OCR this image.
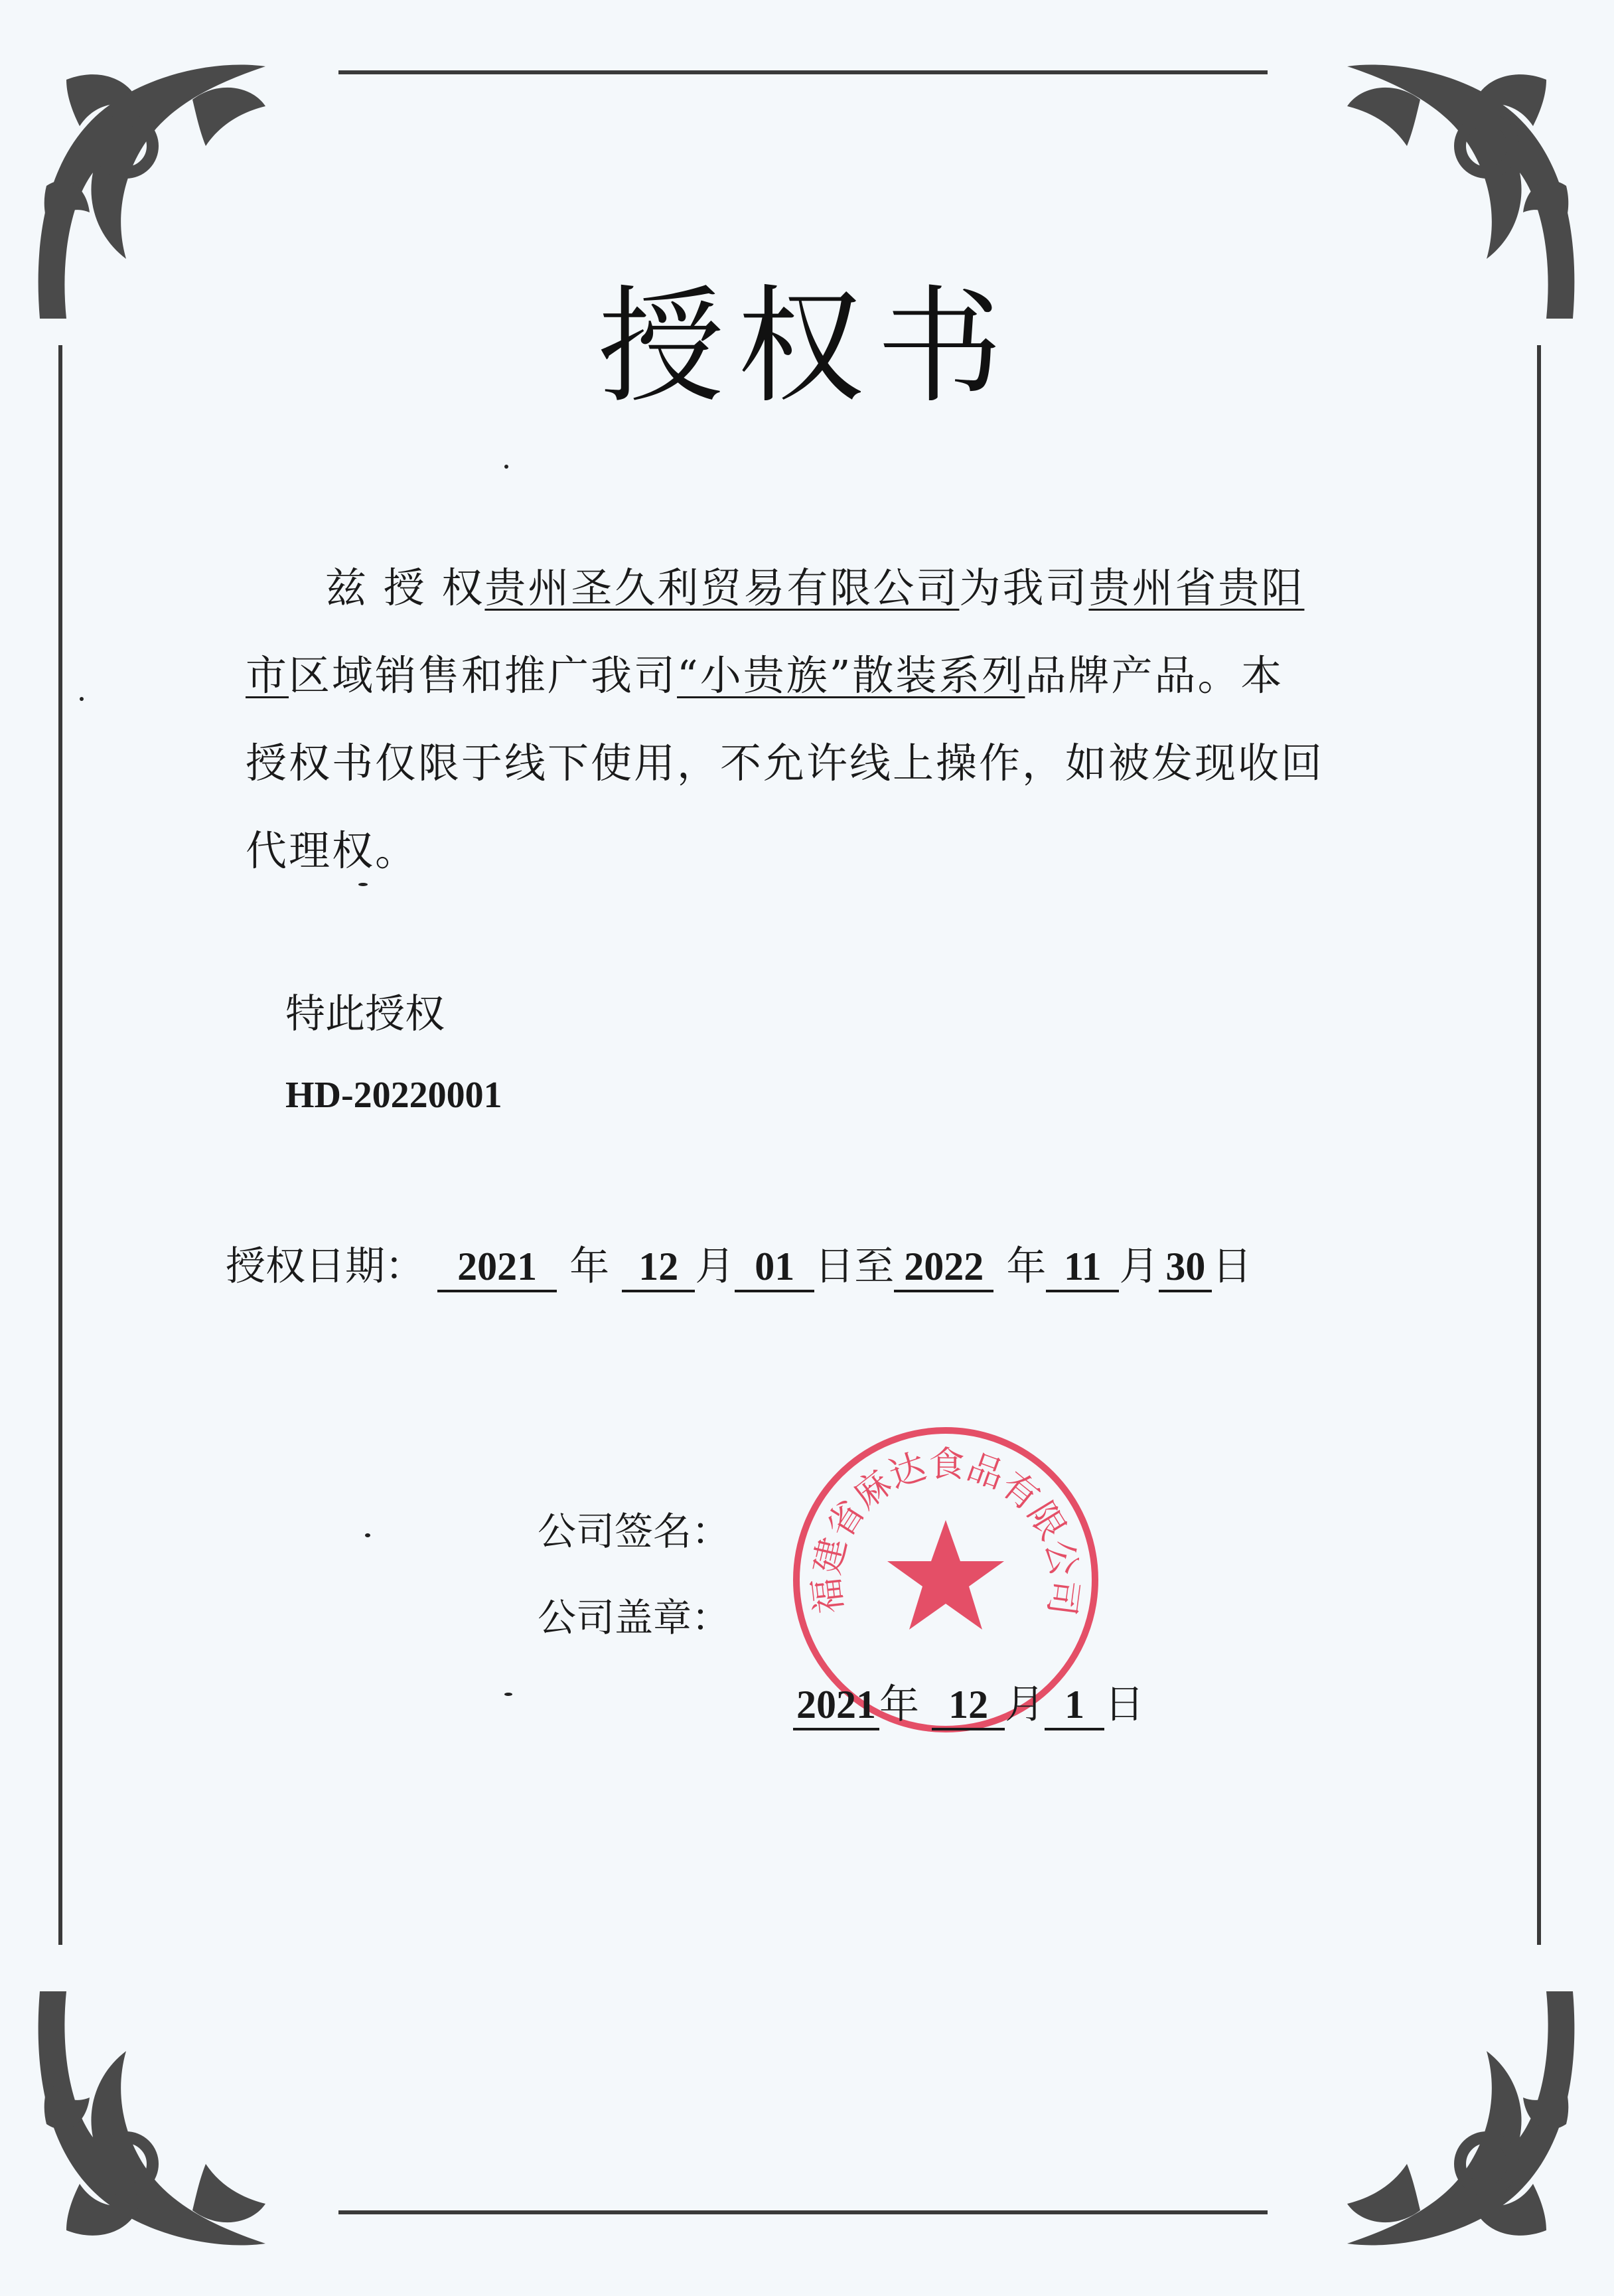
授权书
兹 授 权贵州圣久利贸易有限公司为我司贵州省贵阳
市区域销售和推广我司“小贵族”散装系列品牌产品。本
授权书仅限于线下使用，不允许线上操作，如被发现收回
代理权。
特此授权
HD-20220001
授权日期： 2021 年 12 月 01 日至 2022 年 11 月 30 日
公司签名：
公司盖章： 福建省麻达食品有限公司
2021年 12 月 1 日
